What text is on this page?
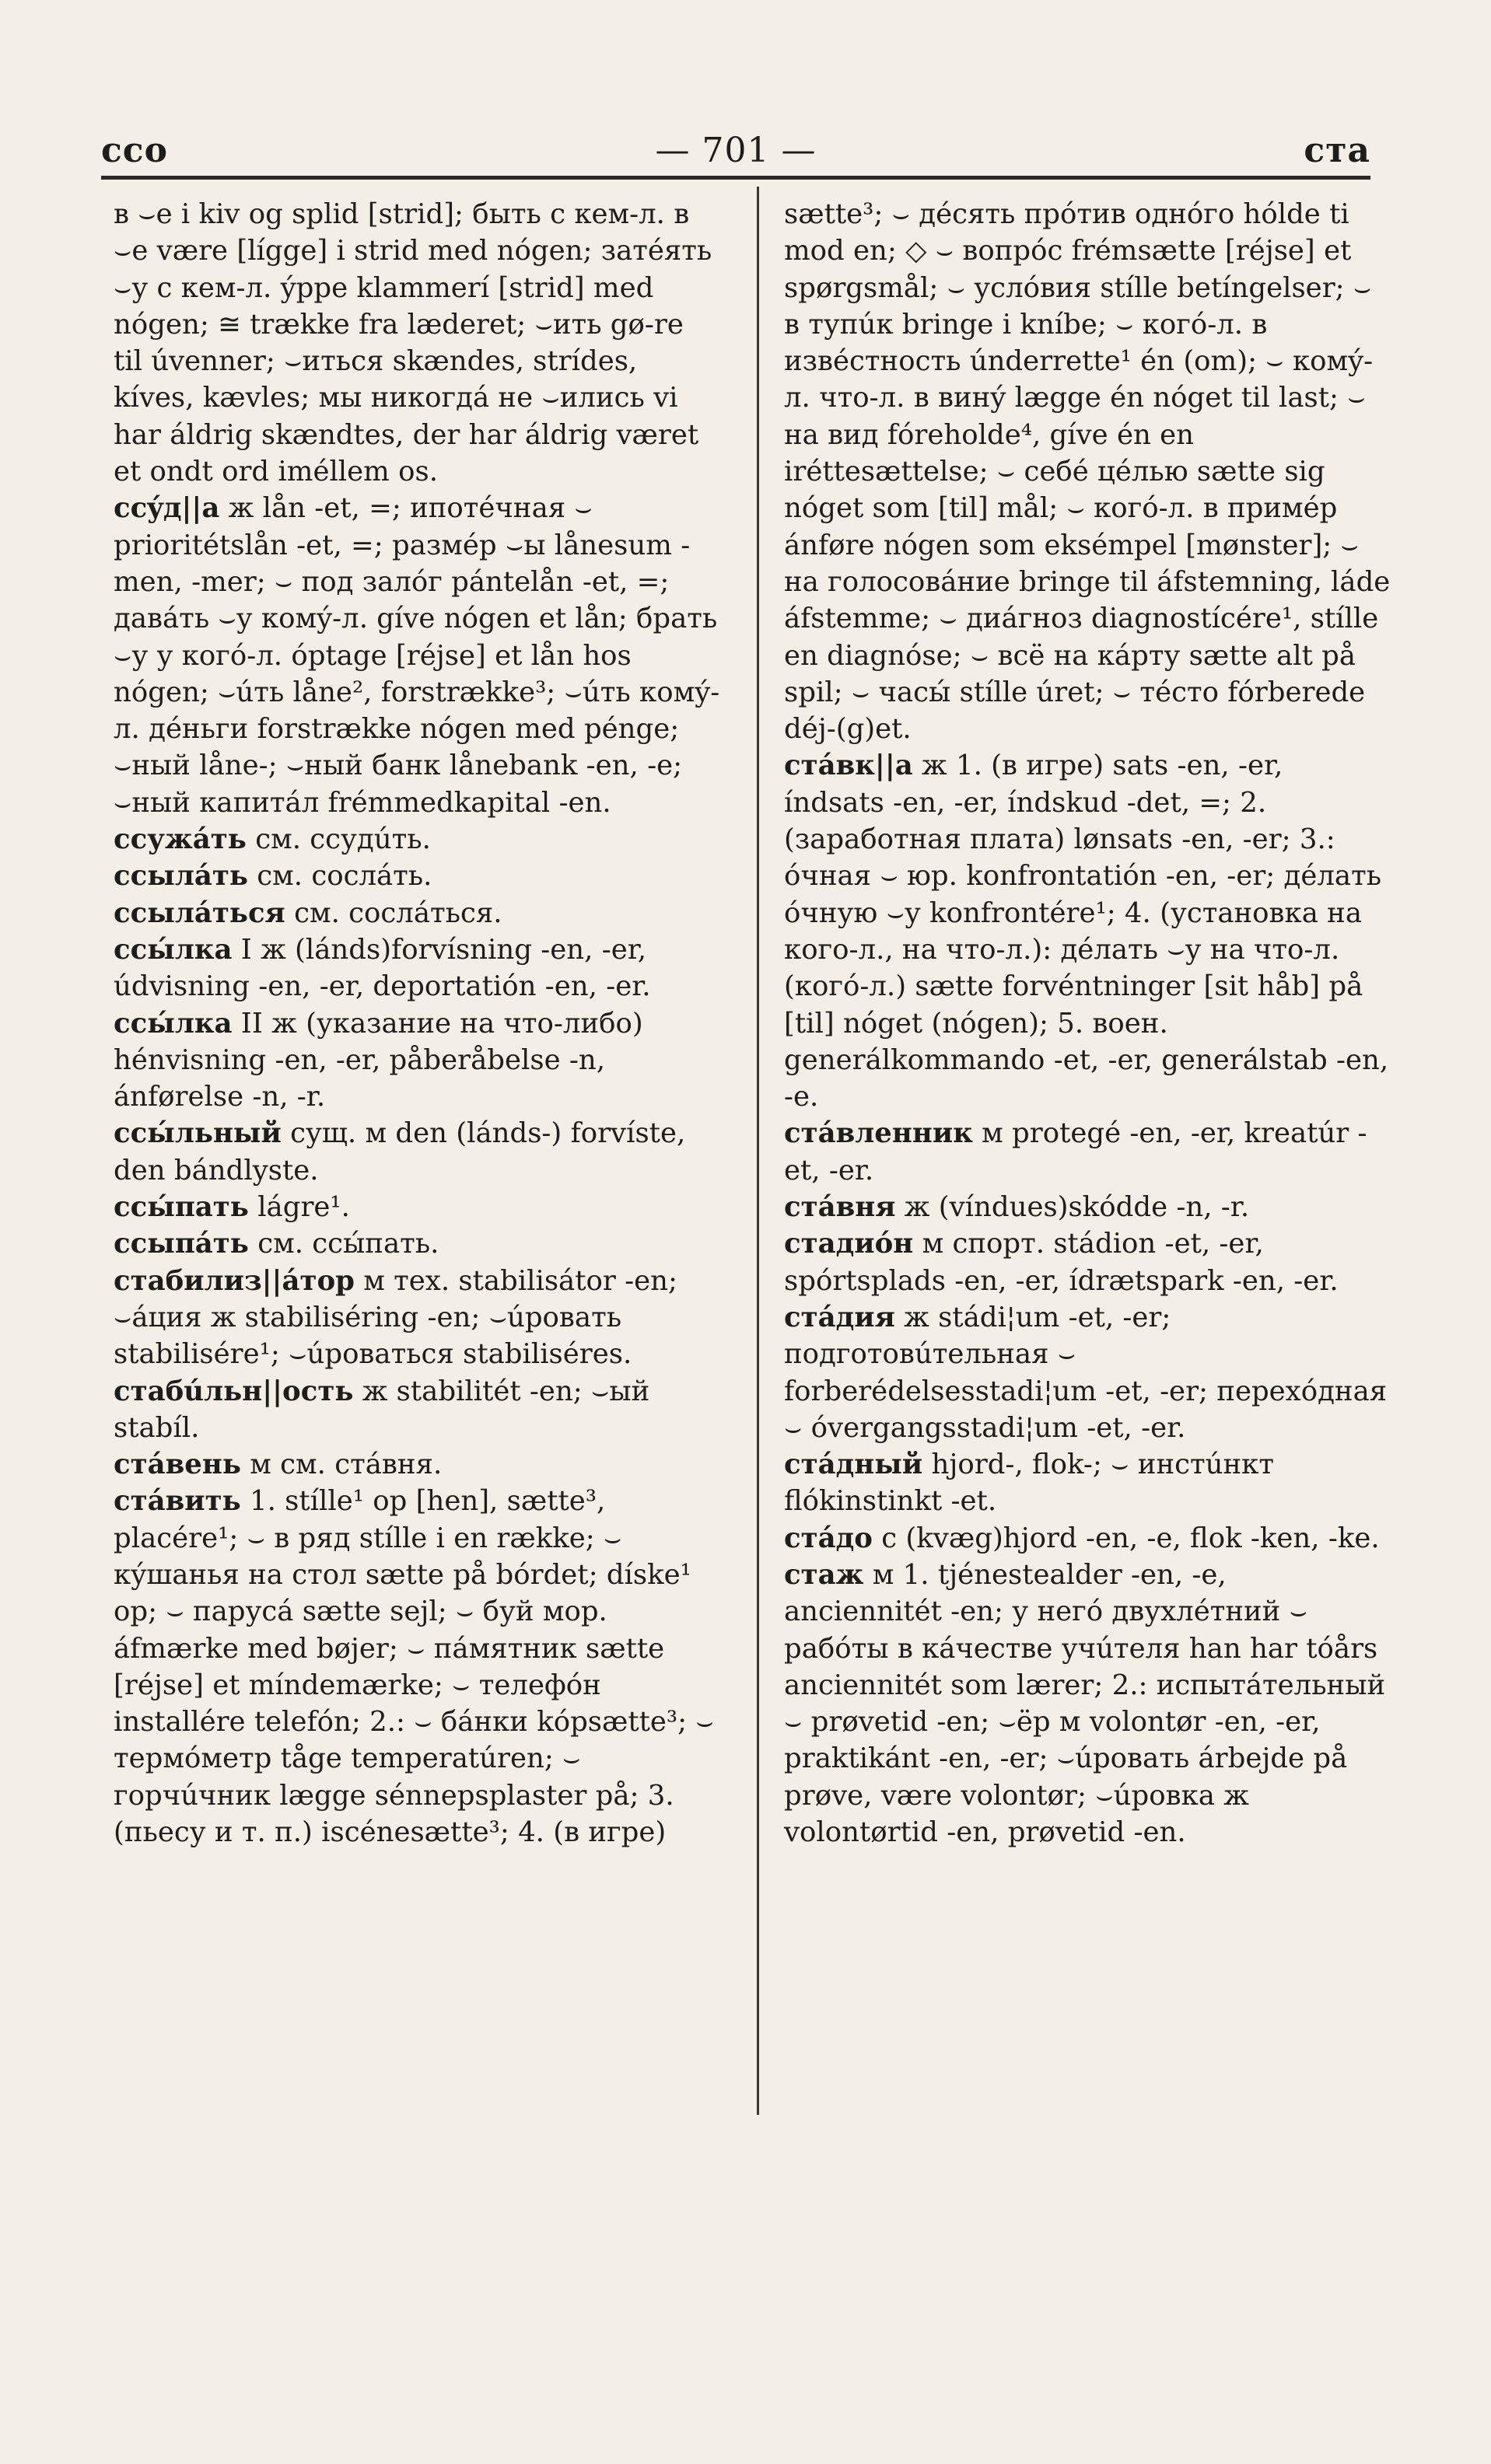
— 701 —
cco	cтa

в ⌣е i kiv og splid [strid]; быть с кем-л. в ⌣е være [lígge] i strid med nógen; затéять ⌣у с кем-л. ýppe klammerí [strid] med nógen; ≅ trække fra læderet; ⌣ить gø-re til úvenner; ⌣иться skændes, strídes, kíves, kævles; мы никогдá не ⌣ились vi har áldrig skændtes, der har áldrig været et ondt ord iméllem os.

ссýд||а ж lån -et, =; ипотéчная ⌣ prioritétslån -et, =; размéр ⌣ы lånesum -men, -mer; ⌣ под залóг pántelån -et, =; давáть ⌣у комý-л. gíve nógen et lån; брать ⌣у у когó-л. óptage [réjse] et lån hos nógen; ⌣úть låne², forstrække³; ⌣úть комý-л. дéньги forstrække nógen med pénge; ⌣ный låne-; ⌣ный банк lånebank -en, -e; ⌣ный капитáл frémmedkapital -en.

ссужáть см. ссудúть.

ссылáть см. сослáть.

ссылáться см. сослáться.

ссы́лка I ж (lándѕ)forvísning -en, -er, údvisning -en, -er, deportatión -en, -er.

ссы́лка II ж (указание на что-либо) hénvisning -en, -er, påberåbelse -n, ánførelse -n, -r.

ссы́льный сущ. м den (lánds-) forvíste, den bándlyste.

ссы́пать lágre¹.

ссыпáть см. ссы́пать.

стабилиз||áтор м тех. stabilisátor -en; ⌣áция ж stabiliséring -en; ⌣úровать stabilisére¹; ⌣úроваться stabiliséres.

стабúльн||ость ж stabilitét -en; ⌣ый stabíl.

стáвень м см. стáвня.

стáвить 1. stílle¹ op [hen], sætte³, placére¹; ⌣ в ряд stílle i en række; ⌣ кýшанья на стол sætte på bórdet; díske¹ op; ⌣ парусá sætte sejl; ⌣ буй мор. áfmærke med bøjer; ⌣ пáмятник sætte [réjse] et míndemærke; ⌣ телефóн installére telefón; 2.: ⌣ бáнки kópsætte³; ⌣ термóметр tåge temperatúren; ⌣ горчúчник lægge sénnepsplaster på; 3. (пьесу и т. п.) iscénesætte³; 4. (в игре)

sætte³; ⌣ дéсять прóтив однóго hólde ti mod en; ◇ ⌣ вопрóс frémsætte [réjse] et spørgsmål; ⌣ услóвия stílle betíngelser; ⌣ в тупúк bringe i kníbe; ⌣ когó-л. в извéстность únderrette¹ én (om); ⌣ комý-л. что-л. в винý lægge én nóget til last; ⌣ на вид fóreholde⁴, gíve én en iréttesættelse; ⌣ себé цéлью sætte sig nóget som [til] mål; ⌣ когó-л. в примéр ánføre nógen som eksémpel [mønster]; ⌣ на голосовáние bringe til áfstemning, láde áfstemme; ⌣ диáгноз diagnostícére¹, stílle en diagnóse; ⌣ всё на кáрту sætte alt på spil; ⌣ часы́ stílle úret; ⌣ тéсто fórberede déj-(g)et.

стáвк||а ж 1. (в игре) sats -en, -er, índsats -en, -er, índskud -det, =; 2. (заработная плата) lønsats -en, -er; 3.: óчная ⌣ юр. konfrontatión -en, -er; дéлать óчную ⌣у konfrontére¹; 4. (установка на кого-л., на что-л.): дéлать ⌣у на что-л. (когó-л.) sætte forvéntninger [sit håb] på [til] nóget (nógen); 5. воен. generálkommando -et, -er, generálstab -en, -e.

стáвленник м protegé -en, -er, kreatúr -et, -er.

стáвня ж (víndues)skódde -n, -r.

стадиóн м спорт. stádion -et, -er, spórtsplads -en, -er, ídrætspark -en, -er.

стáдия ж stádi¦um -et, -er; подготовúтельная ⌣ forberédelsesstadi¦um -et, -er; перехóдная ⌣ óvergangsstadi¦um -et, -er.

стáдный hjord-, flok-; ⌣ инстúнкт flókinstinkt -et.

стáдо с (kvæg)hjord -en, -e, flok -ken, -ke.

стаж м 1. tjénestealder -en, -e, anciennitét -en; у негó двухлéтний ⌣ рабóты в кáчестве учúтеля han har tóårs anciennitét som lærer; 2.: испытáтельный ⌣ prøvetid -en; ⌣ёр м volontør -en, -er, praktikánt -en, -er; ⌣úровать árbejde på prøve, være volontør; ⌣úровка ж volontørtid -en, prøvetid -en.
